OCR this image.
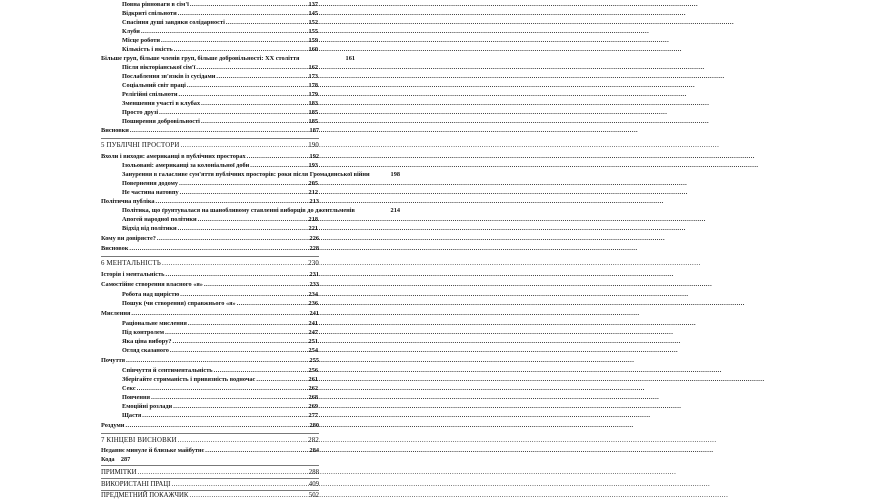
Повна рівноваги в сім'ї .....	137
Відкриті спільноти .....	145
Спасіння душі завдяки солідарності .....	152
Клуби .....	155
Місце роботи .....	159
Кількість і якість .....	160
Більше груп, більше членів груп, більше добровільності: XX століття	161
Після вікторіанської сім'ї .....	162
Послаблення зв'язків із сусідами .....	173
Соціальний світ праці .....	178
Релігійні спільноти .....	179
Зменшення участі в клубах .....	183
Просто друзі .....	185
Поширення добровільності .....	185
Висновки .....	187
5 ПУБЛІЧНІ ПРОСТОРИ .....	190
Вхоли і виходи: американці в публічних просторах .....	192
Ізольовані: американці за колоніальної доби .....	193
Занурення в галасливе сум'яття публічних просторів: роки після Громадянської війни	198
Повернення додому .....	205
Не частина натовпу .....	212
Політична публіка .....	213
Політика, що ґрунтувалася на шанобливому ставленні виборців до джентльменів	214
Апогей народної політики .....	218
Відхід від політики .....	221
Кому ви довіряєте? .....	226
Висновок .....	228
6 МЕНТАЛЬНІСТЬ .....	230
Історія і ментальність .....	231
Самостійне створення власного «я» .....	233
Робота над щирістю .....	234
Пошук (чи створення) справжнього «я» .....	236
Мислення .....	241
Раціональне мислення .....	241
Під контролем .....	247
Яка ціна вибору? .....	251
Огляд сказаного .....	254
Почуття .....	255
Співчуття й сентиментальність .....	256
Зберігайте стриманість і привязність водночас .....	261
Секс .....	262
Повчення .....	268
Емоційні розлади .....	269
Щастя .....	277
Роздуми .....	280
7 КІНЦЕВІ ВИСНОВКИ .....	282
Недавнє минуле й близьке майбутнє .....	284
Кода    287
ПРИМІТКИ .....	288
ВИКОРИСТАНІ ПРАЦІ .....	409
ПРЕДМЕТНИЙ ПОКАЖЧИК .....	502
